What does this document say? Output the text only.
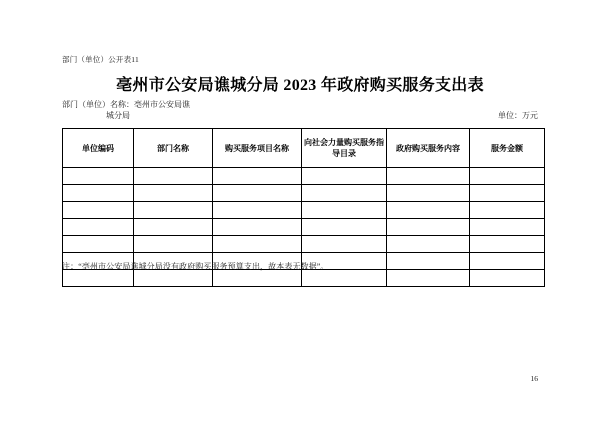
部门（单位）公开表11
亳州市公安局谯城分局 2023 年政府购买服务支出表
部门（单位）名称：亳州市公安局谯
城分局	单位：万元
单位编码	部门名称	购买服务项目名称	向社会力量购买服务指导目录	政府购买服务内容	服务金额

注：“亳州市公安局谯城分局没有政府购买服务预算支出，故本表无数据”。
16
